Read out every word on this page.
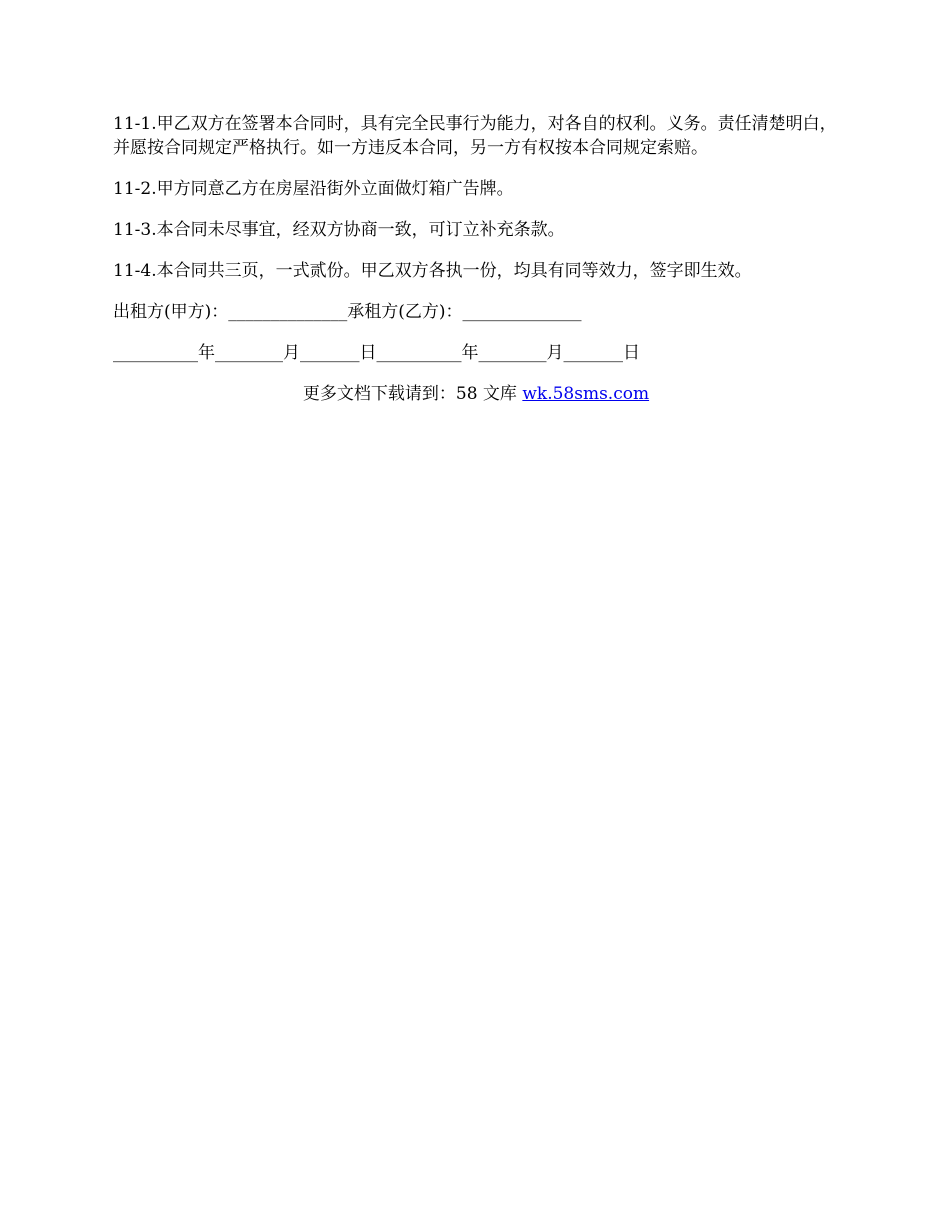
11-1.甲乙双方在签署本合同时，具有完全民事行为能力，对各自的权利。义务。责任清楚明白，并愿按合同规定严格执行。如一方违反本合同，另一方有权按本合同规定索赔。

11-2.甲方同意乙方在房屋沿街外立面做灯箱广告牌。

11-3.本合同未尽事宜，经双方协商一致，可订立补充条款。

11-4.本合同共三页，一式贰份。甲乙双方各执一份，均具有同等效力，签字即生效。

出租方(甲方)：______________承租方(乙方)：______________

__________年________月_______日__________年________月_______日

更多文档下载请到：58 文库 wk.58sms.com
